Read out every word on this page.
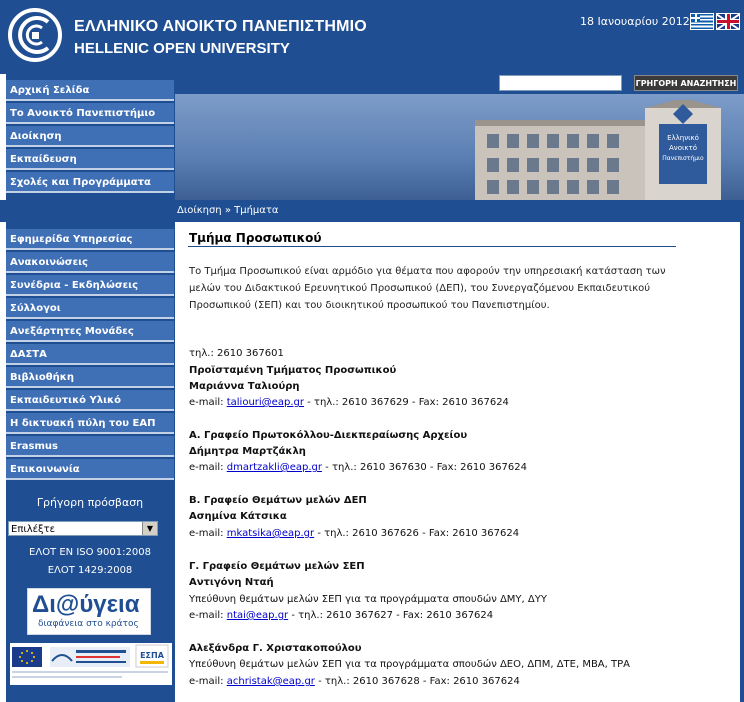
ΕΛΛΗΝΙΚΟ ΑΝΟΙΚΤΟ ΠΑΝΕΠΙΣΤΗΜΙΟ
HELLENIC OPEN UNIVERSITY
18 Ιανουαρίου 2012
ΓΡΗΓΟΡΗ ΑΝΑΖΗΤΗΣΗ
Αρχική Σελίδα
Το Ανοικτό Πανεπιστήμιο
Διοίκηση
Εκπαίδευση
Σχολές και Προγράμματα
Εφημερίδα Υπηρεσίας
Ανακοινώσεις
Συνέδρια - Εκδηλώσεις
Σύλλογοι
Ανεξάρτητες Μονάδες
ΔΑΣΤΑ
Βιβλιοθήκη
Εκπαιδευτικό Υλικό
Η δικτυακή πύλη του ΕΑΠ
Erasmus
Επικοινωνία
Ελληνικό
Ανοικτό
Πανεπιστήμιο
Διοίκηση » Τμήματα
Τμήμα Προσωπικού
Το Τμήμα Προσωπικού είναι αρμόδιο για θέματα που αφορούν την υπηρεσιακή κατάσταση των μελών του Διδακτικού Ερευνητικού Προσωπικού (ΔΕΠ), του Συνεργαζόμενου Εκπαιδευτικού Προσωπικού (ΣΕΠ) και του διοικητικού προσωπικού του Πανεπιστημίου.
τηλ.: 2610 367601
Προϊσταμένη Τμήματος Προσωπικού
Μαριάννα Ταλιούρη
e-mail: taliouri@eap.gr - τηλ.: 2610 367629 - Fax: 2610 367624
Α. Γραφείο Πρωτοκόλλου-Διεκπεραίωσης Αρχείου
Δήμητρα Μαρτζάκλη
e-mail: dmartzakli@eap.gr - τηλ.: 2610 367630 - Fax: 2610 367624
Β. Γραφείο Θεμάτων μελών ΔΕΠ
Ασημίνα Κάτσικα
e-mail: mkatsika@eap.gr - τηλ.: 2610 367626 - Fax: 2610 367624
Γ. Γραφείο Θεμάτων μελών ΣΕΠ
Αντιγόνη Νταή
Υπεύθυνη θεμάτων μελών ΣΕΠ για τα προγράμματα σπουδών ΔΜΥ, ΔΥΥ
e-mail: ntai@eap.gr - τηλ.: 2610 367627 - Fax: 2610 367624
Αλεξάνδρα Γ. Χριστακοπούλου
Υπεύθυνη θεμάτων μελών ΣΕΠ για τα προγράμματα σπουδών ΔΕΟ, ΔΠΜ, ΔΤΕ, ΜΒΑ, ΤΡΑ
e-mail: achristak@eap.gr - τηλ.: 2610 367628 - Fax: 2610 367624
Γρήγορη πρόσβαση
Επιλέξτε	▼
ΕΛΟΤ ΕΝ ISO 9001:2008
ΕΛΟΤ 1429:2008
Δι@ύγεια
διαφάνεια στο κράτος
ΕΣΠΑ
